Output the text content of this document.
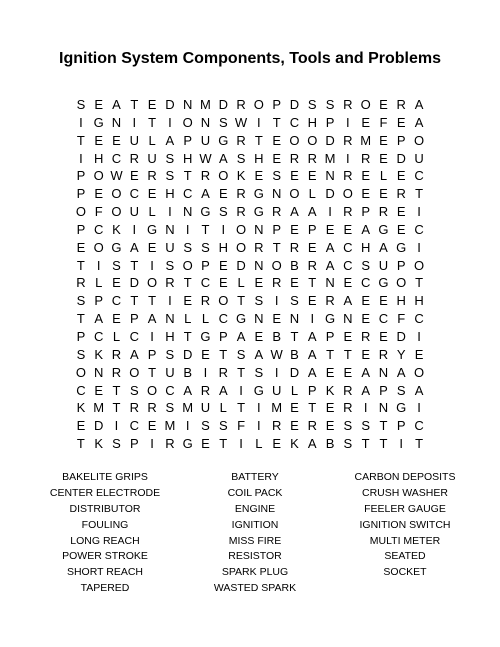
Ignition System Components, Tools and Problems
S E A T E D N M D R O P D S S R O E R A
I G N I T I O N S W I T C H P I E F E A
T E E U L A P U G R T E O O D R M E P O
I H C R U S H W A S H E R R M I R E D U
P O W E R S T R O K E S E E N R E L E C
P E O C E H C A E R G N O L D O E E R T
O F O U L I N G S R G R A A I R P R E I
P C K I G N I T I O N P E P E E A G E C
E O G A E U S S H O R T R E A C H A G I
T I S T I S O P E D N O B R A C S U P O
R L E D O R T C E L E R E T N E C G O T
S P C T T I E R O T S I S E R A E E H H
T A E P A N L L C G N E N I G N E C F C
P C L C I H T G P A E B T A P E R E D I
S K R A P S D E T S A W B A T T E R Y E
O N R O T U B I R T S I D A E E A N A O
C E T S O C A R A I G U L P K R A P S A
K M T R R S M U L T I M E T E R I N G I
E D I C E M I S S F I R E R E S S T P C
T K S P I R G E T I L E K A B S T T I T
BAKELITE GRIPS	BATTERY	CARBON DEPOSITS
CENTER ELECTRODE	COIL PACK	CRUSH WASHER
DISTRIBUTOR	ENGINE	FEELER GAUGE
FOULING	IGNITION	IGNITION SWITCH
LONG REACH	MISS FIRE	MULTI METER
POWER STROKE	RESISTOR	SEATED
SHORT REACH	SPARK PLUG	SOCKET
TAPERED	WASTED SPARK
